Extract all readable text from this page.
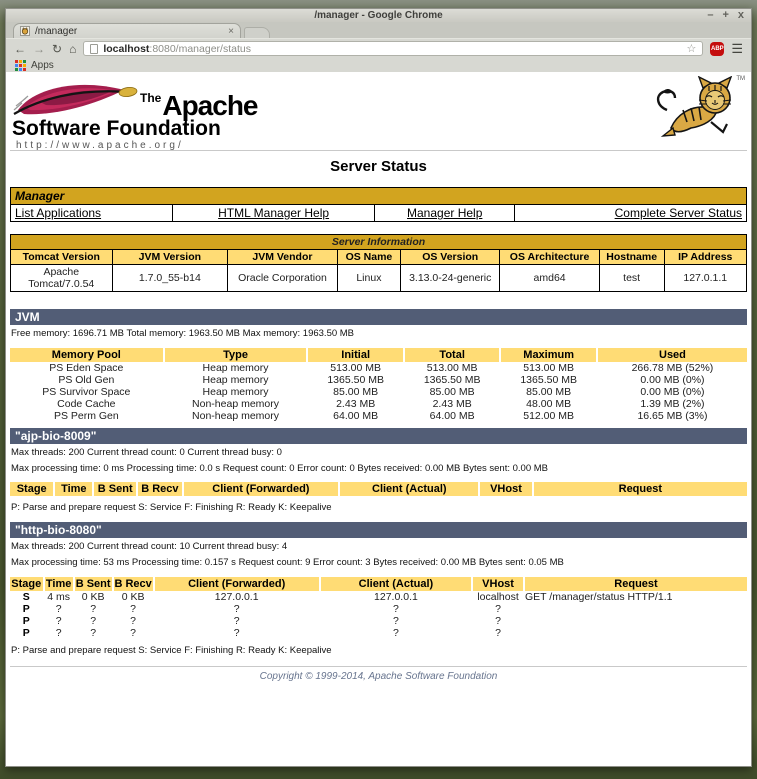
/manager - Google Chrome	– + x
/manager	×
← → ↻ ⌂	localhost:8080/manager/status	☆ ABP ☰
Apps
The Apache
Software Foundation
http://www.apache.org/
TM
Server Status
Manager
List Applications	HTML Manager Help	Manager Help	Complete Server Status
Server Information							
Tomcat Version	JVM Version	JVM Vendor	OS Name	OS Version	OS Architecture	Hostname	IP Address
Apache Tomcat/7.0.54	1.7.0_55-b14	Oracle Corporation	Linux	3.13.0-24-generic	amd64	test	127.0.1.1
JVM
Free memory: 1696.71 MB Total memory: 1963.50 MB Max memory: 1963.50 MB
Memory Pool	Type	Initial	Total	Maximum	Used
PS Eden Space	Heap memory	513.00 MB	513.00 MB	513.00 MB	266.78 MB (52%)
PS Old Gen	Heap memory	1365.50 MB	1365.50 MB	1365.50 MB	0.00 MB (0%)
PS Survivor Space	Heap memory	85.00 MB	85.00 MB	85.00 MB	0.00 MB (0%)
Code Cache	Non-heap memory	2.43 MB	2.43 MB	48.00 MB	1.39 MB (2%)
PS Perm Gen	Non-heap memory	64.00 MB	64.00 MB	512.00 MB	16.65 MB (3%)
"ajp-bio-8009"
Max threads: 200 Current thread count: 0 Current thread busy: 0
Max processing time: 0 ms Processing time: 0.0 s Request count: 0 Error count: 0 Bytes received: 0.00 MB Bytes sent: 0.00 MB
Stage	Time	B Sent	B Recv	Client (Forwarded)	Client (Actual)	VHost	Request
P: Parse and prepare request S: Service F: Finishing R: Ready K: Keepalive
"http-bio-8080"
Max threads: 200 Current thread count: 10 Current thread busy: 4
Max processing time: 53 ms Processing time: 0.157 s Request count: 9 Error count: 3 Bytes received: 0.00 MB Bytes sent: 0.05 MB
Stage	Time	B Sent	B Recv	Client (Forwarded)	Client (Actual)	VHost	Request
S	4 ms	0 KB	0 KB	127.0.0.1	127.0.0.1	localhost	GET /manager/status HTTP/1.1
P	?	?	?	?	?	?	
P	?	?	?	?	?	?	
P	?	?	?	?	?	?	
P: Parse and prepare request S: Service F: Finishing R: Ready K: Keepalive
Copyright © 1999-2014, Apache Software Foundation
